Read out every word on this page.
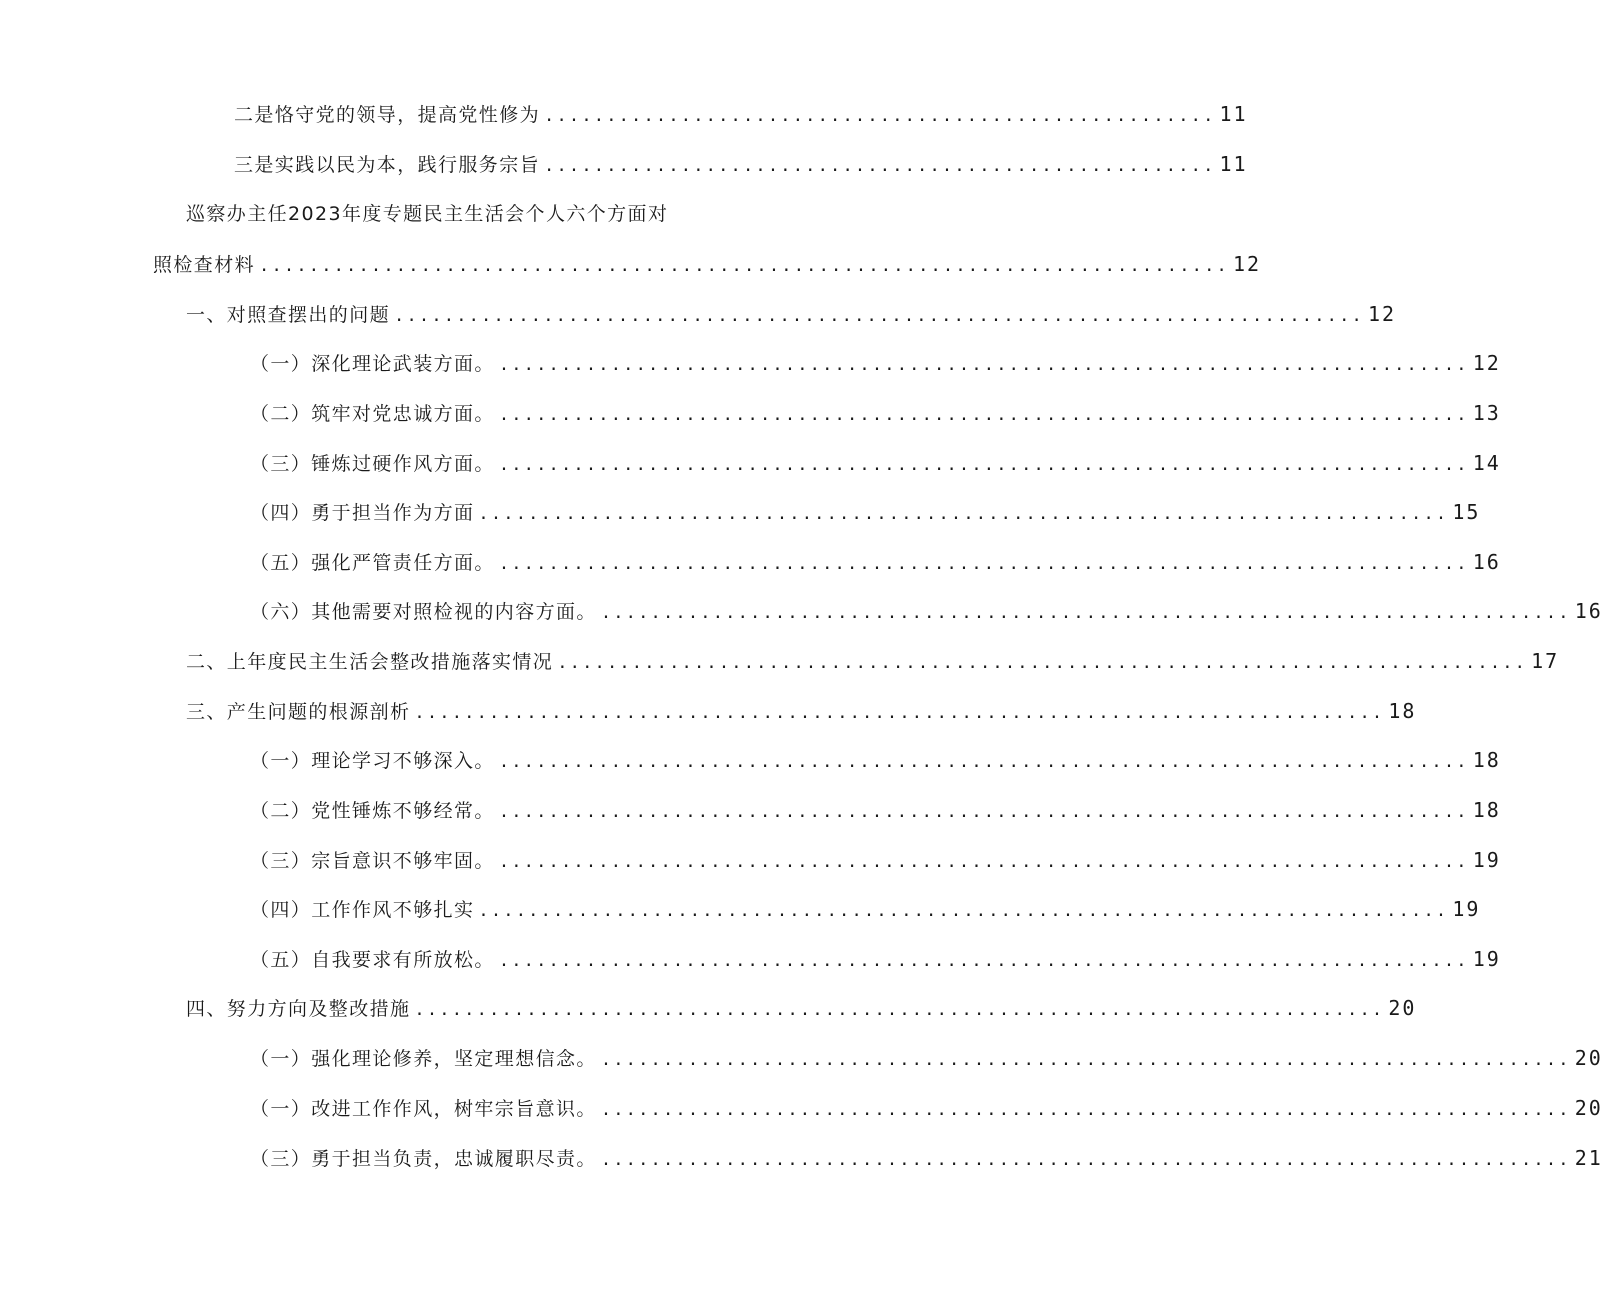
二是恪守党的领导，提高党性修为 ...................................................... 11
三是实践以民为本，践行服务宗旨 ...................................................... 11
巡察办主任2023年度专题民主生活会个人六个方面对
照检查材料 .............................................................................. 12
一、对照查摆出的问题 .............................................................................. 12
（一）深化理论武装方面。 .............................................................................. 12
（二）筑牢对党忠诚方面。 .............................................................................. 13
（三）锤炼过硬作风方面。 .............................................................................. 14
（四）勇于担当作为方面 .............................................................................. 15
（五）强化严管责任方面。 .............................................................................. 16
（六）其他需要对照检视的内容方面。 .............................................................................. 16
二、上年度民主生活会整改措施落实情况 .............................................................................. 17
三、产生问题的根源剖析 .............................................................................. 18
（一）理论学习不够深入。 .............................................................................. 18
（二）党性锤炼不够经常。 .............................................................................. 18
（三）宗旨意识不够牢固。 .............................................................................. 19
（四）工作作风不够扎实 .............................................................................. 19
（五）自我要求有所放松。 .............................................................................. 19
四、努力方向及整改措施 .............................................................................. 20
（一）强化理论修养，坚定理想信念。 .............................................................................. 20
（一）改进工作作风，树牢宗旨意识。 .............................................................................. 20
（三）勇于担当负责，忠诚履职尽责。 .............................................................................. 21
